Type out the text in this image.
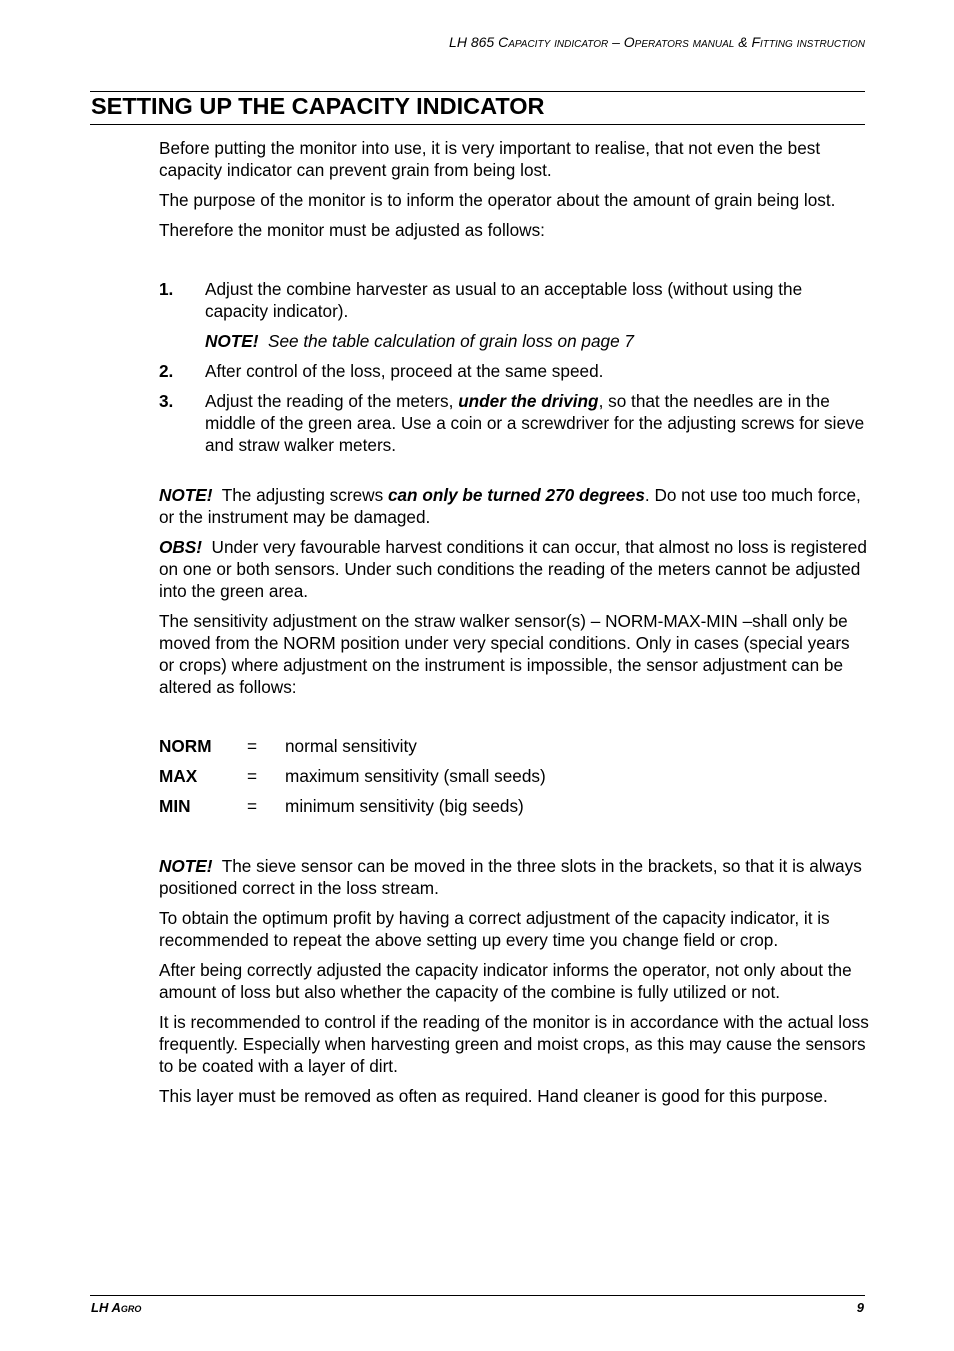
LH 865 Capacity indicator – Operators manual & Fitting instruction
SETTING UP THE CAPACITY INDICATOR

Before putting the monitor into use, it is very important to realise, that not even the best capacity indicator can prevent grain from being lost.

The purpose of the monitor is to inform the operator about the amount of grain being lost.

Therefore the monitor must be adjusted as follows:

1.	Adjust the combine harvester as usual to an acceptable loss (without using the capacity indicator).
NOTE! See the table calculation of grain loss on page 7
2.	After control of the loss, proceed at the same speed.
3.	Adjust the reading of the meters, under the driving, so that the needles are in the middle of the green area. Use a coin or a screwdriver for the adjusting screws for sieve and straw walker meters.

NOTE! The adjusting screws can only be turned 270 degrees. Do not use too much force, or the instrument may be damaged.

OBS! Under very favourable harvest conditions it can occur, that almost no loss is registered on one or both sensors. Under such conditions the reading of the meters cannot be adjusted into the green area.

The sensitivity adjustment on the straw walker sensor(s) – NORM-MAX-MIN –shall only be moved from the NORM position under very special conditions. Only in cases (special years or crops) where adjustment on the instrument is impossible, the sensor adjustment can be altered as follows:

NORM	=	normal sensitivity
MAX	=	maximum sensitivity (small seeds)
MIN	=	minimum sensitivity (big seeds)

NOTE! The sieve sensor can be moved in the three slots in the brackets, so that it is always positioned correct in the loss stream.

To obtain the optimum profit by having a correct adjustment of the capacity indicator, it is recommended to repeat the above setting up every time you change field or crop.

After being correctly adjusted the capacity indicator informs the operator, not only about the amount of loss but also whether the capacity of the combine is fully utilized or not.

It is recommended to control if the reading of the monitor is in accordance with the actual loss frequently. Especially when harvesting green and moist crops, as this may cause the sensors to be coated with a layer of dirt.

This layer must be removed as often as required. Hand cleaner is good for this purpose.

LH Agro	9
